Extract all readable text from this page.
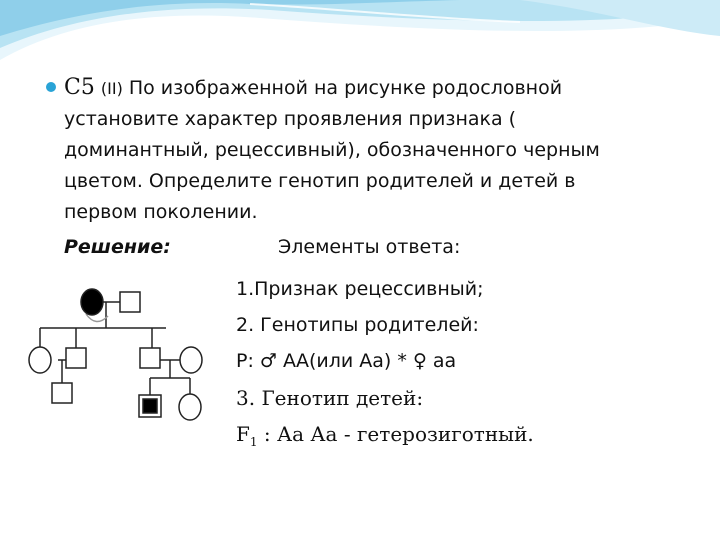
C5 (II) По изображенной на рисунке родословной
установите характер проявления признака (
доминантный, рецессивный), обозначенного черным
цветом. Определите генотип родителей и детей в
первом поколении.
Решение:	Элементы ответа:
1.Признак рецессивный;
2. Генотипы родителей:
P: ♂ АА(или Аа) * ♀ аа
3. Генотип детей:
$F_1$ : Аа Аа - гетерозиготный.
